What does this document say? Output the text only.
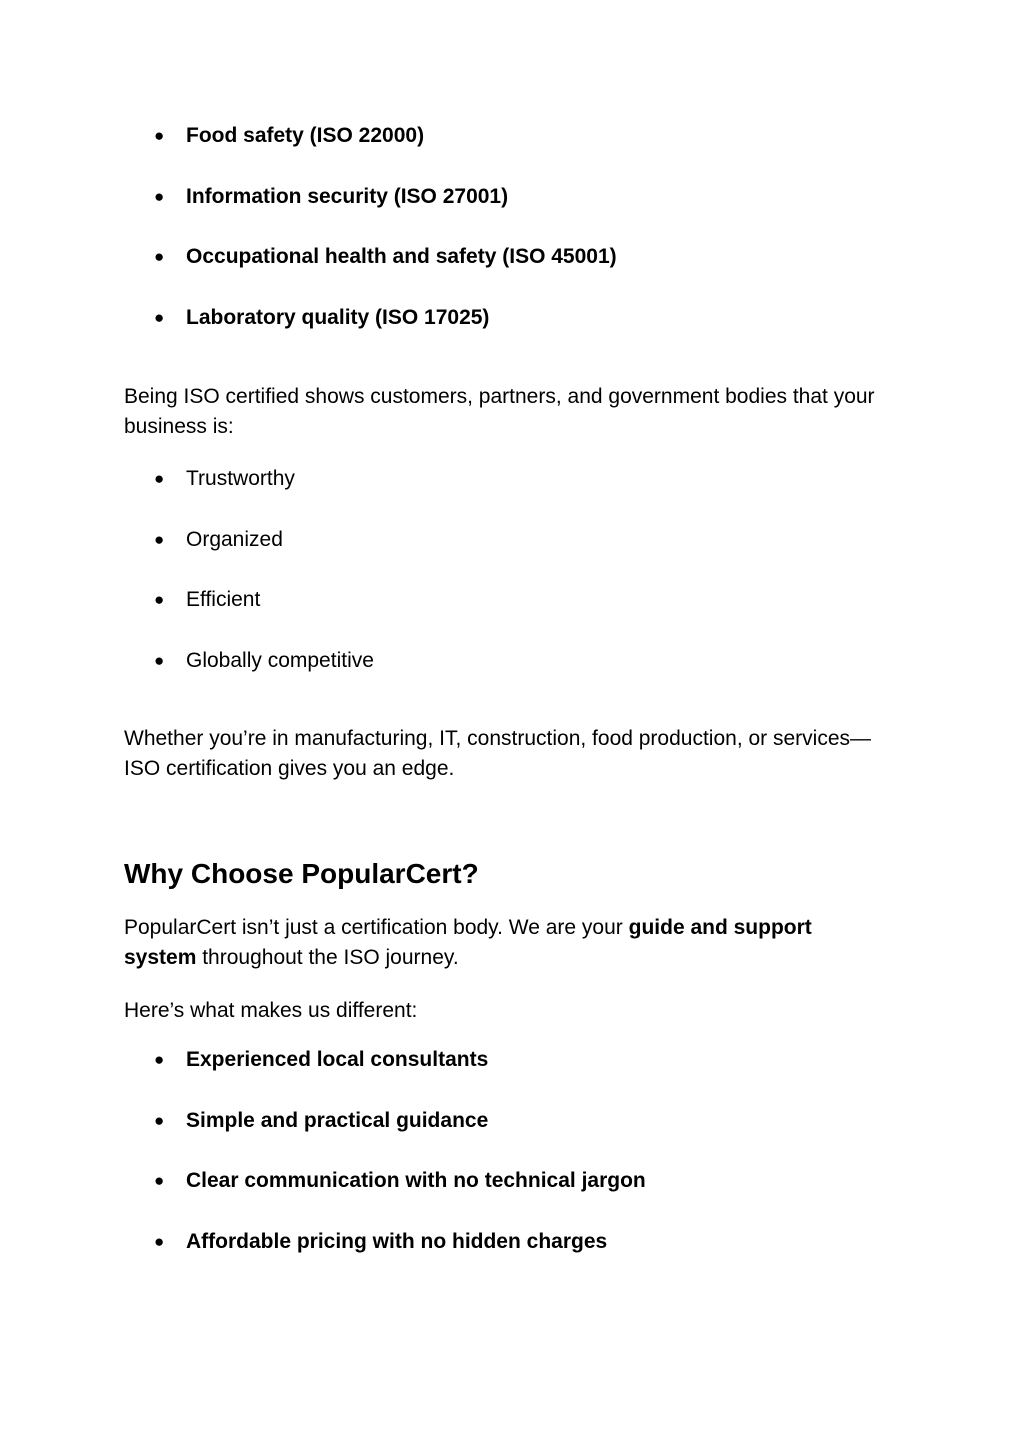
● Food safety (ISO 22000)
● Information security (ISO 27001)
● Occupational health and safety (ISO 45001)
● Laboratory quality (ISO 17025)

Being ISO certified shows customers, partners, and government bodies that your business is:

● Trustworthy
● Organized
● Efficient
● Globally competitive

Whether you’re in manufacturing, IT, construction, food production, or services—ISO certification gives you an edge.

Why Choose PopularCert?

PopularCert isn’t just a certification body. We are your guide and support system throughout the ISO journey.

Here’s what makes us different:

● Experienced local consultants
● Simple and practical guidance
● Clear communication with no technical jargon
● Affordable pricing with no hidden charges
